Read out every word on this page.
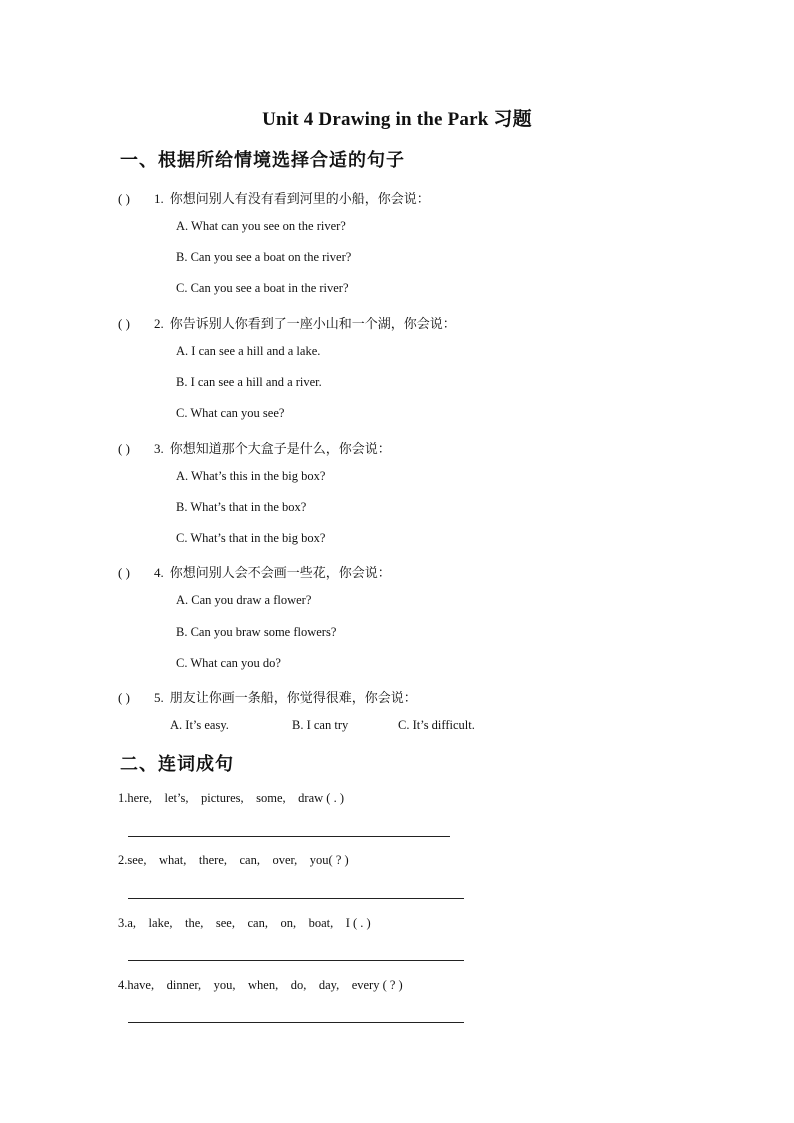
Unit 4 Drawing in the Park 习题
一、根据所给情境选择合适的句子
( ) 1. 你想问别人有没有看到河里的小船，你会说：
A. What can you see on the river?
B. Can you see a boat on the river?
C. Can you see a boat in the river?
( ) 2. 你告诉别人你看到了一座小山和一个湖，你会说：
A. I can see a hill and a lake.
B. I can see a hill and a river.
C. What can you see?
( ) 3. 你想知道那个大盒子是什么，你会说：
A. What’s this in the big box?
B. What’s that in the box?
C. What’s that in the big box?
( ) 4. 你想问别人会不会画一些花，你会说：
A. Can you draw a flower?
B. Can you braw some flowers?
C. What can you do?
( ) 5. 朋友让你画一条船，你觉得很难，你会说：
A. It’s easy.	B. I can try	C. It’s difficult.
二、连词成句
1.here,    let’s,    pictures,    some,    draw ( . )
2.see,    what,    there,    can,    over,    you( ? )
3.a,    lake,    the,    see,    can,    on,    boat,    I ( . )
4.have,    dinner,    you,    when,    do,    day,    every ( ? )
